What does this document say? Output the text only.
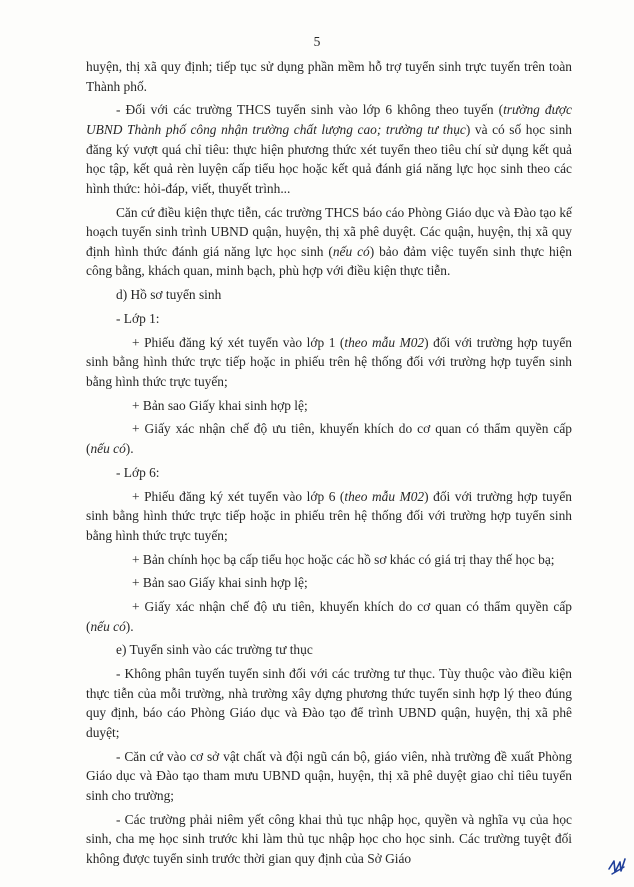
5

huyện, thị xã quy định; tiếp tục sử dụng phần mềm hỗ trợ tuyển sinh trực tuyến trên toàn Thành phố.

- Đối với các trường THCS tuyển sinh vào lớp 6 không theo tuyến (trường được UBND Thành phố công nhận trường chất lượng cao; trường tư thục) và có số học sinh đăng ký vượt quá chỉ tiêu: thực hiện phương thức xét tuyển theo tiêu chí sử dụng kết quả học tập, kết quả rèn luyện cấp tiểu học hoặc kết quả đánh giá năng lực học sinh theo các hình thức: hỏi-đáp, viết, thuyết trình...

Căn cứ điều kiện thực tiễn, các trường THCS báo cáo Phòng Giáo dục và Đào tạo kế hoạch tuyển sinh trình UBND quận, huyện, thị xã phê duyệt. Các quận, huyện, thị xã quy định hình thức đánh giá năng lực học sinh (nếu có) bảo đảm việc tuyển sinh thực hiện công bằng, khách quan, minh bạch, phù hợp với điều kiện thực tiễn.

d) Hồ sơ tuyển sinh

- Lớp 1:

+ Phiếu đăng ký xét tuyển vào lớp 1 (theo mẫu M02) đối với trường hợp tuyển sinh bằng hình thức trực tiếp hoặc in phiếu trên hệ thống đối với trường hợp tuyển sinh bằng hình thức trực tuyến;

+ Bản sao Giấy khai sinh hợp lệ;

+ Giấy xác nhận chế độ ưu tiên, khuyến khích do cơ quan có thẩm quyền cấp (nếu có).

- Lớp 6:

+ Phiếu đăng ký xét tuyển vào lớp 6 (theo mẫu M02) đối với trường hợp tuyển sinh bằng hình thức trực tiếp hoặc in phiếu trên hệ thống đối với trường hợp tuyển sinh bằng hình thức trực tuyến;

+ Bản chính học bạ cấp tiểu học hoặc các hồ sơ khác có giá trị thay thế học bạ;

+ Bản sao Giấy khai sinh hợp lệ;

+ Giấy xác nhận chế độ ưu tiên, khuyến khích do cơ quan có thẩm quyền cấp (nếu có).

e) Tuyển sinh vào các trường tư thục

- Không phân tuyến tuyển sinh đối với các trường tư thục. Tùy thuộc vào điều kiện thực tiễn của mỗi trường, nhà trường xây dựng phương thức tuyển sinh hợp lý theo đúng quy định, báo cáo Phòng Giáo dục và Đào tạo để trình UBND quận, huyện, thị xã phê duyệt;

- Căn cứ vào cơ sở vật chất và đội ngũ cán bộ, giáo viên, nhà trường đề xuất Phòng Giáo dục và Đào tạo tham mưu UBND quận, huyện, thị xã phê duyệt giao chỉ tiêu tuyển sinh cho trường;

- Các trường phải niêm yết công khai thủ tục nhập học, quyền và nghĩa vụ của học sinh, cha mẹ học sinh trước khi làm thủ tục nhập học cho học sinh. Các trường tuyệt đối không được tuyển sinh trước thời gian quy định của Sở Giáo
